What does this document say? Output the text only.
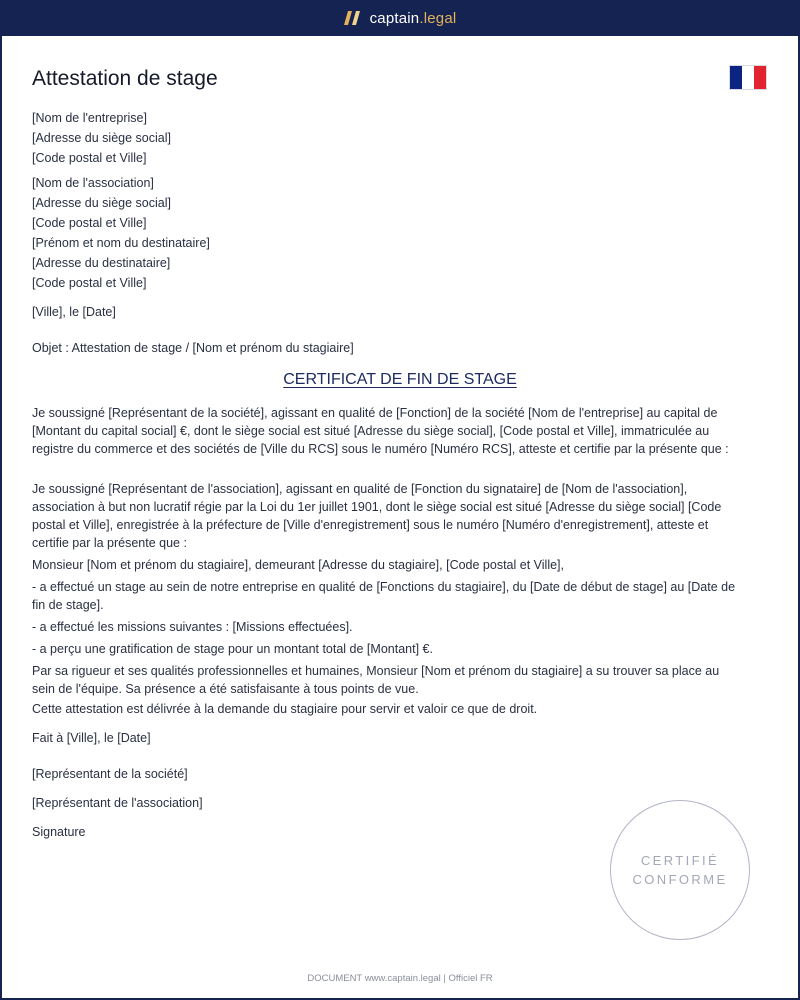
captain.legal
Attestation de stage
[Nom de l'entreprise]
[Adresse du siège social]
[Code postal et Ville]
[Nom de l'association]
[Adresse du siège social]
[Code postal et Ville]
[Prénom et nom du destinataire]
[Adresse du destinataire]
[Code postal et Ville]
[Ville], le [Date]
Objet : Attestation de stage / [Nom et prénom du stagiaire]
CERTIFICAT DE FIN DE STAGE

Je soussigné [Représentant de la société], agissant en qualité de [Fonction] de la société [Nom de l'entreprise] au capital de [Montant du capital social] €, dont le siège social est situé [Adresse du siège social], [Code postal et Ville], immatriculée au registre du commerce et des sociétés de [Ville du RCS] sous le numéro [Numéro RCS], atteste et certifie par la présente que :

Je soussigné [Représentant de l'association], agissant en qualité de [Fonction du signataire] de [Nom de l'association], association à but non lucratif régie par la Loi du 1er juillet 1901, dont le siège social est situé [Adresse du siège social] [Code postal et Ville], enregistrée à la préfecture de [Ville d'enregistrement] sous le numéro [Numéro d'enregistrement], atteste et certifie par la présente que :

Monsieur [Nom et prénom du stagiaire], demeurant [Adresse du stagiaire], [Code postal et Ville],

- a effectué un stage au sein de notre entreprise en qualité de [Fonctions du stagiaire], du [Date de début de stage] au [Date de fin de stage].

- a effectué les missions suivantes : [Missions effectuées].

- a perçu une gratification de stage pour un montant total de [Montant] €.

Par sa rigueur et ses qualités professionnelles et humaines, Monsieur [Nom et prénom du stagiaire] a su trouver sa place au sein de l'équipe. Sa présence a été satisfaisante à tous points de vue.

Cette attestation est délivrée à la demande du stagiaire pour servir et valoir ce que de droit.

Fait à [Ville], le [Date]
[Représentant de la société]
[Représentant de l'association]
Signature
CERTIFIÉ
CONFORME
DOCUMENT www.captain.legal | Officiel FR
